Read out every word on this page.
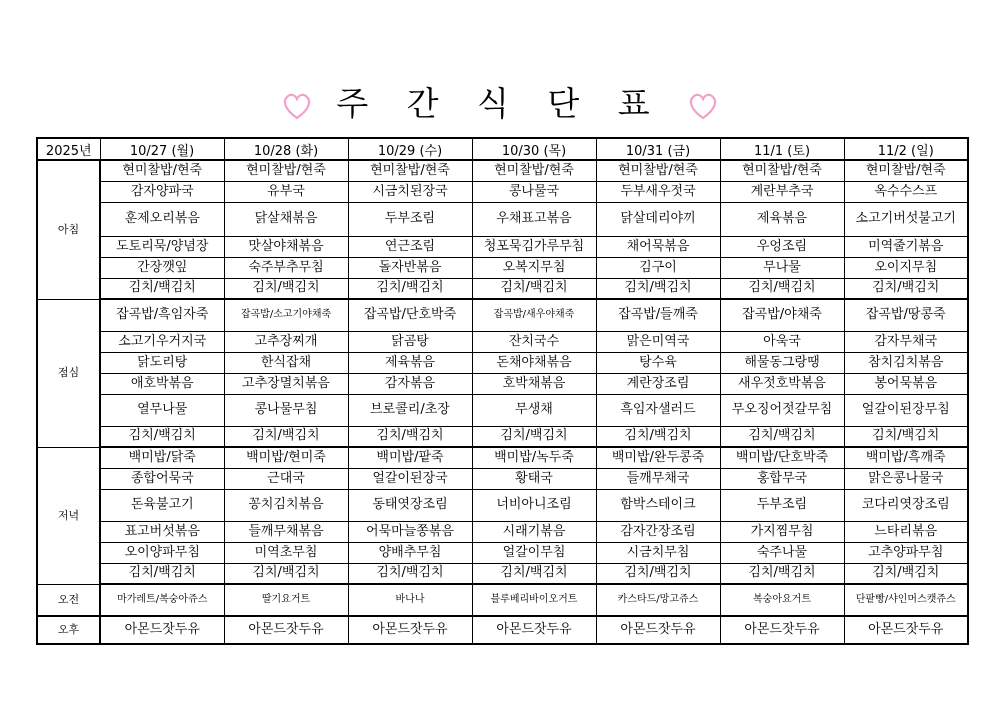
주 간 식 단 표
2025년	10/27 (월)	10/28 (화)	10/29 (수)	10/30 (목)	10/31 (금)	11/1 (토)	11/2 (일)
아침	현미찰밥/현죽	현미찰밥/현죽	현미찰밥/현죽	현미찰밥/현죽	현미찰밥/현죽	현미찰밥/현죽	현미찰밥/현죽
	감자양파국	유부국	시금치된장국	콩나물국	두부새우젓국	계란부추국	옥수수스프
	훈제오리볶음	닭살채볶음	두부조림	우채표고볶음	닭살데리야끼	제육볶음	소고기버섯불고기
	도토리묵/양념장	맛살야채볶음	연근조림	청포묵김가루무침	채어묵볶음	우엉조림	미역줄기볶음
	간장깻잎	숙주부추무침	돌자반볶음	오복지무침	김구이	무나물	오이지무침
	김치/백김치	김치/백김치	김치/백김치	김치/백김치	김치/백김치	김치/백김치	김치/백김치
점심	잡곡밥/흑임자죽	잡곡밥/소고기야채죽	잡곡밥/단호박죽	잡곡밥/새우야채죽	잡곡밥/들깨죽	잡곡밥/야채죽	잡곡밥/땅콩죽
	소고기우거지국	고추장찌개	닭곰탕	잔치국수	맑은미역국	아욱국	감자무채국
	닭도리탕	한식잡채	제육볶음	돈채야채볶음	탕수육	해물동그랑땡	참치김치볶음
	애호박볶음	고추장멸치볶음	감자볶음	호박채볶음	계란장조림	새우젓호박볶음	봉어묵볶음
	열무나물	콩나물무침	브로콜리/초장	무생채	흑임자샐러드	무오징어젓갈무침	얼갈이된장무침
	김치/백김치	김치/백김치	김치/백김치	김치/백김치	김치/백김치	김치/백김치	김치/백김치
저녁	백미밥/닭죽	백미밥/현미죽	백미밥/팥죽	백미밥/녹두죽	백미밥/완두콩죽	백미밥/단호박죽	백미밥/흑깨죽
	종합어묵국	근대국	얼갈이된장국	황태국	들깨무채국	홍합무국	맑은콩나물국
	돈육불고기	꽁치김치볶음	동태엿장조림	너비아니조림	함박스테이크	두부조림	코다리엿장조림
	표고버섯볶음	들깨무채볶음	어묵마늘쫑볶음	시래기볶음	감자간장조림	가지찜무침	느타리볶음
	오이양파무침	미역초무침	양배추무침	얼갈이무침	시금치무침	숙주나물	고추양파무침
	김치/백김치	김치/백김치	김치/백김치	김치/백김치	김치/백김치	김치/백김치	김치/백김치
오전	마가레트/복숭아쥬스	딸기요거트	바나나	블루베리바이오거트	카스타드/망고쥬스	복숭아요거트	단팥빵/샤인머스캣쥬스
오후	아몬드잣두유	아몬드잣두유	아몬드잣두유	아몬드잣두유	아몬드잣두유	아몬드잣두유	아몬드잣두유
